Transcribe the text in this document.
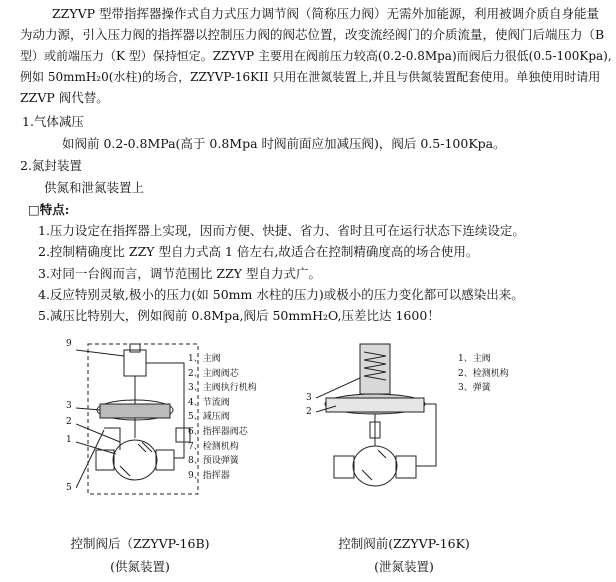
ZZYVP 型带指挥器操作式自力式压力调节阀（简称压力阀）无需外加能源，利用被调介质自身能量
为动力源，引入压力阀的指挥器以控制压力阀的阀芯位置，改变流经阀门的介质流量，使阀门后端压力（B
型）或前端压力（K 型）保持恒定。ZZYVP 主要用在阀前压力较高(0.2-0.8Mpa)而阀后力很低(0.5-100Kpa),
例如 50mmH₂0(水柱)的场合，ZZYVP-16KII 只用在泄氮装置上,并且与供氮装置配套使用。单独使用时请用
ZZVP 阀代替。
1.气体减压
如阀前 0.2-0.8MPa(高于 0.8Mpa 时阀前面应加减压阀)，阀后 0.5-100Kpa。
2.氮封装置
供氮和泄氮装置上
□特点:
1.压力设定在指挥器上实现，因而方便、快捷、省力、省时且可在运行状态下连续设定。
2.控制精确度比 ZZY 型自力式高 1 倍左右,故适合在控制精确度高的场合使用。
3.对同一台阀而言，调节范围比 ZZY 型自力式广。
4.反应特别灵敏,极小的压力(如 50mm 水柱的压力)或极小的压力变化都可以感染出来。
5.减压比特别大，例如阀前 0.8Mpa,阀后 50mmH₂O,压差比达 1600！
9
3
2
1
5
1、主阀
2、主阀阀芯
3、主阀执行机构
4、节流阀
5、减压阀
6、指挥器阀芯
7、检测机构
8、预设弹簧
9、指挥器
3
2
1、主阀
2、检测机构
3、弹簧
控制阀后（ZZYVP-16B)
(供氮装置)
控制阀前(ZZYVP-16K)
(泄氮装置)
